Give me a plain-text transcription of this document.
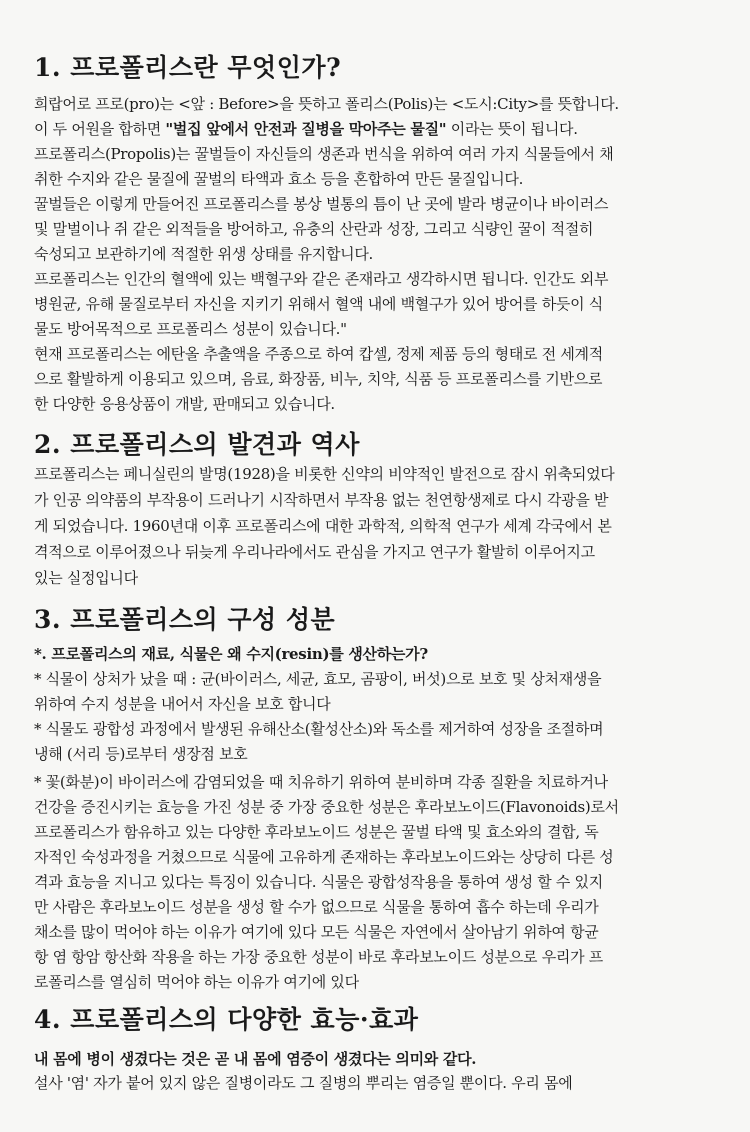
1. 프로폴리스란 무엇인가?
희랍어로 프로(pro)는 <앞 : Before>을 뜻하고 폴리스(Polis)는 <도시:City>를 뜻합니다.
이 두 어원을 합하면 "벌집 앞에서 안전과 질병을 막아주는 물질" 이라는 뜻이 됩니다.
프로폴리스(Propolis)는 꿀벌들이 자신들의 생존과 번식을 위하여 여러 가지 식물들에서 채
취한 수지와 같은 물질에 꿀벌의 타액과 효소 등을 혼합하여 만든 물질입니다.
꿀벌들은 이렇게 만들어진 프로폴리스를 봉상 벌통의 틈이 난 곳에 발라 병균이나 바이러스
및 말벌이나 쥐 같은 외적들을 방어하고, 유충의 산란과 성장, 그리고 식량인 꿀이 적절히
숙성되고 보관하기에 적절한 위생 상태를 유지합니다.
프로폴리스는 인간의 혈액에 있는 백혈구와 같은 존재라고 생각하시면 됩니다. 인간도 외부
병원균, 유해 물질로부터 자신을 지키기 위해서 혈액 내에 백혈구가 있어 방어를 하듯이 식
물도 방어목적으로 프로폴리스 성분이 있습니다."
현재 프로폴리스는 에탄올 추출액을 주종으로 하여 캅셀, 정제 제품 등의 형태로 전 세계적
으로 활발하게 이용되고 있으며, 음료, 화장품, 비누, 치약, 식품 등 프로폴리스를 기반으로
한 다양한 응용상품이 개발, 판매되고 있습니다.
2. 프로폴리스의 발견과 역사
프로폴리스는 페니실린의 발명(1928)을 비롯한 신약의 비약적인 발전으로 잠시 위축되었다
가 인공 의약품의 부작용이 드러나기 시작하면서 부작용 없는 천연항생제로 다시 각광을 받
게 되었습니다. 1960년대 이후 프로폴리스에 대한 과학적, 의학적 연구가 세계 각국에서 본
격적으로 이루어졌으나 뒤늦게 우리나라에서도 관심을 가지고 연구가 활발히 이루어지고
있는 실정입니다
3. 프로폴리스의 구성 성분
*. 프로폴리스의 재료, 식물은 왜 수지(resin)를 생산하는가?
* 식물이 상처가 났을 때 : 균(바이러스, 세균, 효모, 곰팡이, 버섯)으로 보호 및 상처재생을
위하여 수지 성분을 내어서 자신을 보호 합니다
* 식물도 광합성 과정에서 발생된 유해산소(활성산소)와 독소를 제거하여 성장을 조절하며
냉해 (서리 등)로부터 생장점 보호
* 꽃(화분)이 바이러스에 감염되었을 때 치유하기 위하여 분비하며 각종 질환을 치료하거나
건강을 증진시키는 효능을 가진 성분 중 가장 중요한 성분은 후라보노이드(Flavonoids)로서
프로폴리스가 함유하고 있는 다양한 후라보노이드 성분은 꿀벌 타액 및 효소와의 결합, 독
자적인 숙성과정을 거쳤으므로 식물에 고유하게 존재하는 후라보노이드와는 상당히 다른 성
격과 효능을 지니고 있다는 특징이 있습니다. 식물은 광합성작용을 통하여 생성 할 수 있지
만 사람은 후라보노이드 성분을 생성 할 수가 없으므로 식물을 통하여 흡수 하는데 우리가
채소를 많이 먹어야 하는 이유가 여기에 있다 모든 식물은 자연에서 살아남기 위하여 항균
항 염 항암 항산화 작용을 하는 가장 중요한 성분이 바로 후라보노이드 성분으로 우리가 프
로폴리스를 열심히 먹어야 하는 이유가 여기에 있다
4. 프로폴리스의 다양한 효능·효과
내 몸에 병이 생겼다는 것은 곧 내 몸에 염증이 생겼다는 의미와 같다.
설사 '염' 자가 붙어 있지 않은 질병이라도 그 질병의 뿌리는 염증일 뿐이다. 우리 몸에
